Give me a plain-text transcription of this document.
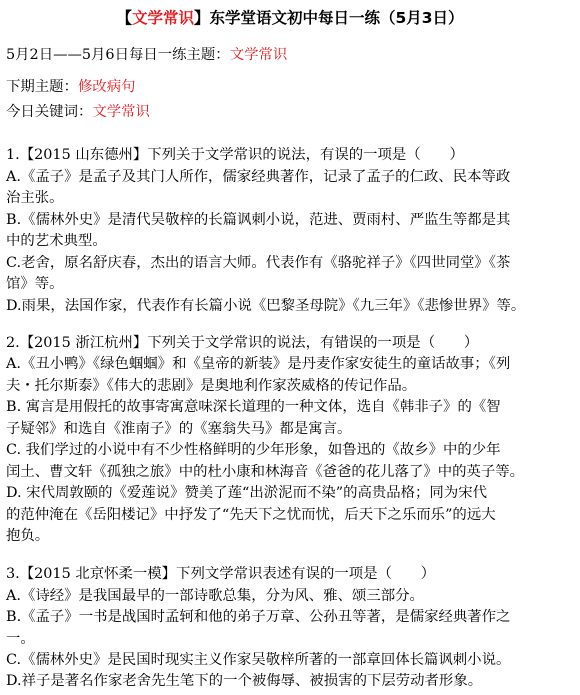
【文学常识】东学堂语文初中每日一练（5月3日）
5月2日——5月6日每日一练主题：文学常识
下期主题：修改病句
今日关键词：文学常识
1.【2015 山东德州】下列关于文学常识的说法，有误的一项是（　　）
A.《孟子》是孟子及其门人所作，儒家经典著作，记录了孟子的仁政、民本等政
治主张。
B.《儒林外史》是清代吴敬梓的长篇讽刺小说，范进、贾雨村、严监生等都是其
中的艺术典型。
C.老舍，原名舒庆春，杰出的语言大师。代表作有《骆驼祥子》《四世同堂》《茶
馆》等。
D.雨果，法国作家，代表作有长篇小说《巴黎圣母院》《九三年》《悲惨世界》等。
2.【2015 浙江杭州】下列关于文学常识的说法，有错误的一项是（　　）
A.《丑小鸭》《绿色蝈蝈》和《皇帝的新装》是丹麦作家安徒生的童话故事；《列
夫・托尔斯泰》《伟大的悲剧》是奥地利作家茨威格的传记作品。
B. 寓言是用假托的故事寄寓意味深长道理的一种文体，选自《韩非子》的《智
子疑邻》和选自《淮南子》的《塞翁失马》都是寓言。
C. 我们学过的小说中有不少性格鲜明的少年形象，如鲁迅的《故乡》中的少年
闰土、曹文轩《孤独之旅》中的杜小康和林海音《爸爸的花儿落了》中的英子等。
D. 宋代周敦颐的《爱莲说》赞美了莲“出淤泥而不染”的高贵品格；同为宋代
的范仲淹在《岳阳楼记》中抒发了“先天下之忧而忧，后天下之乐而乐”的远大
抱负。
3.【2015 北京怀柔一模】下列文学常识表述有误的一项是（　　）
A.《诗经》是我国最早的一部诗歌总集，分为风、雅、颂三部分。
B.《孟子》一书是战国时孟轲和他的弟子万章、公孙丑等著，是儒家经典著作之
一。
C.《儒林外史》是民国时现实主义作家吴敬梓所著的一部章回体长篇讽刺小说。
D.祥子是著名作家老舍先生笔下的一个被侮辱、被损害的下层劳动者形象。
